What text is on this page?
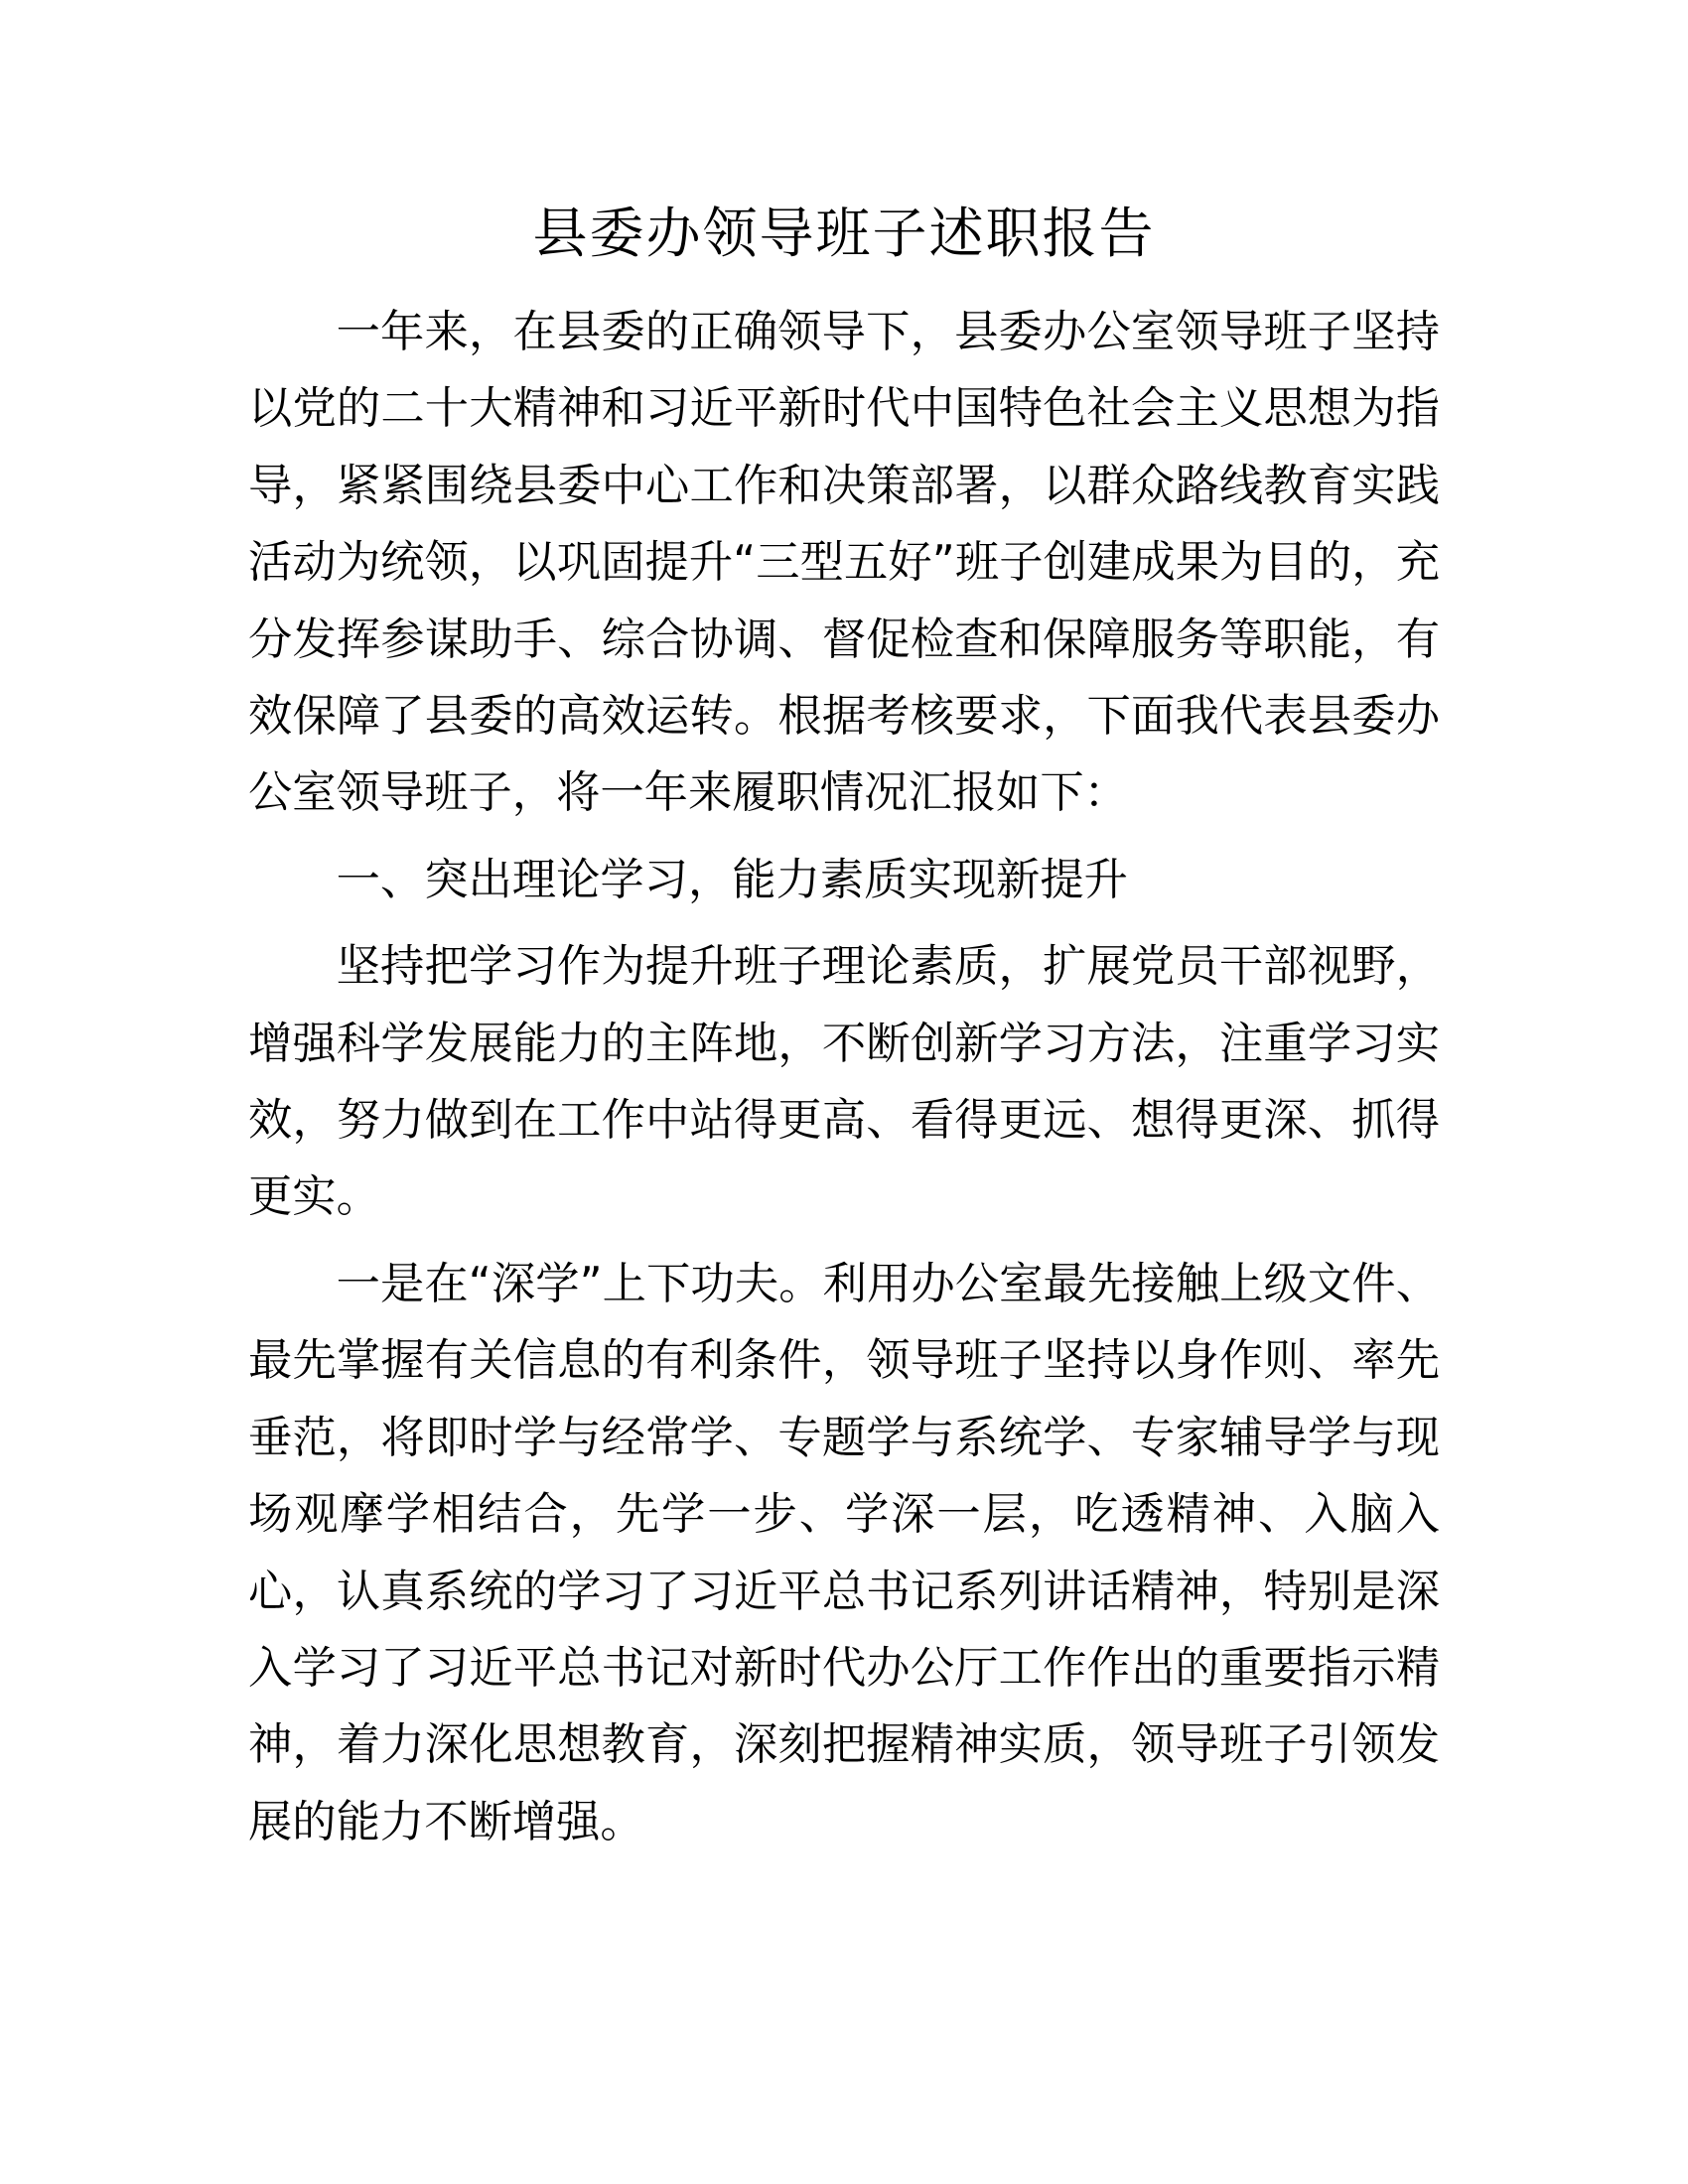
县委办领导班子述职报告

一年来，在县委的正确领导下，县委办公室领导班子坚持以党的二十大精神和习近平新时代中国特色社会主义思想为指导，紧紧围绕县委中心工作和决策部署，以群众路线教育实践活动为统领，以巩固提升“三型五好”班子创建成果为目的，充分发挥参谋助手、综合协调、督促检查和保障服务等职能，有效保障了县委的高效运转。根据考核要求，下面我代表县委办公室领导班子，将一年来履职情况汇报如下：

一、突出理论学习，能力素质实现新提升

坚持把学习作为提升班子理论素质，扩展党员干部视野，增强科学发展能力的主阵地，不断创新学习方法，注重学习实效，努力做到在工作中站得更高、看得更远、想得更深、抓得更实。

一是在“深学”上下功夫。利用办公室最先接触上级文件、最先掌握有关信息的有利条件，领导班子坚持以身作则、率先垂范，将即时学与经常学、专题学与系统学、专家辅导学与现场观摩学相结合，先学一步、学深一层，吃透精神、入脑入心，认真系统的学习了习近平总书记系列讲话精神，特别是深入学习了习近平总书记对新时代办公厅工作作出的重要指示精神，着力深化思想教育，深刻把握精神实质，领导班子引领发展的能力不断增强。
